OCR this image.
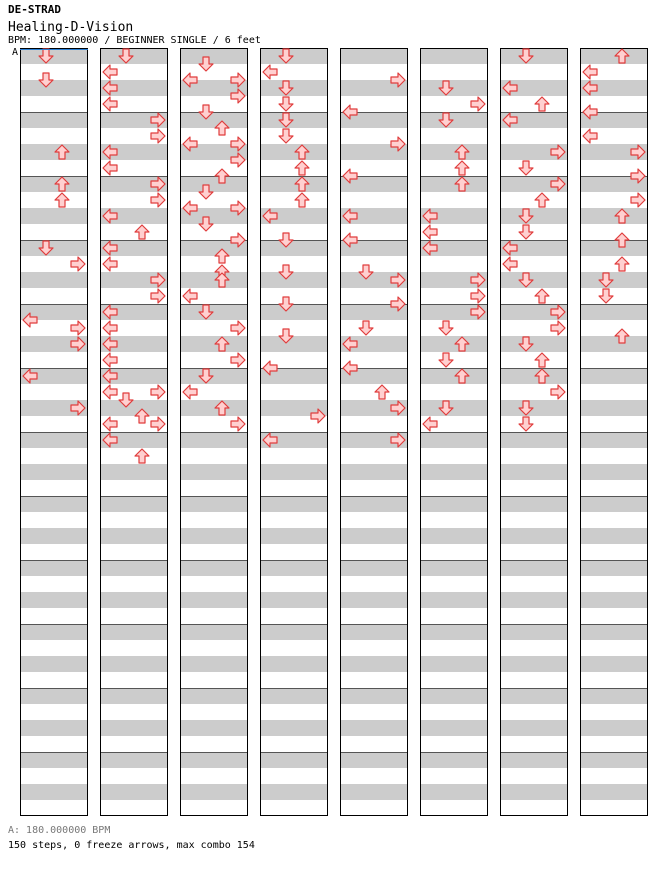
DE-STRAD
Healing-D-Vision
BPM: 180.000000 / BEGINNER SINGLE / 6 feet
A
A: 180.000000 BPM
150 steps, 0 freeze arrows, max combo 154
